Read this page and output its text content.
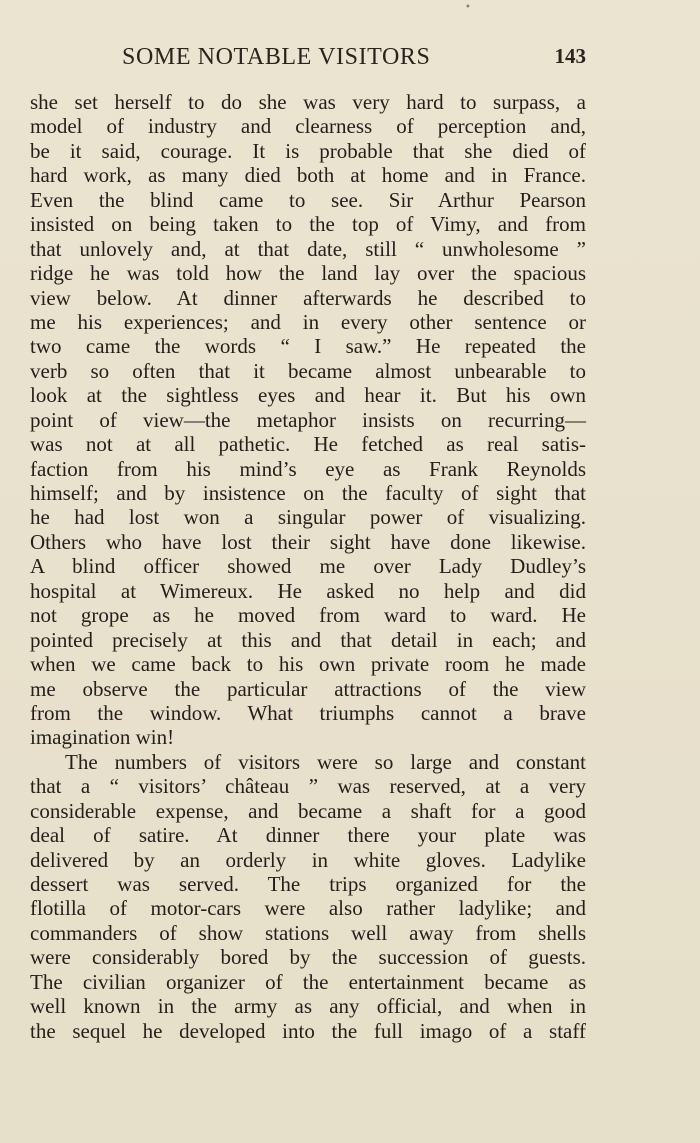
•
SOME NOTABLE VISITORS	143
she set herself to do she was very hard to surpass, a
model of industry and clearness of perception and,
be it said, courage. It is probable that she died of
hard work, as many died both at home and in France.
Even the blind came to see. Sir Arthur Pearson
insisted on being taken to the top of Vimy, and from
that unlovely and, at that date, still “ unwholesome ”
ridge he was told how the land lay over the spacious
view below. At dinner afterwards he described to
me his experiences; and in every other sentence or
two came the words “ I saw.” He repeated the
verb so often that it became almost unbearable to
look at the sightless eyes and hear it. But his own
point of view—the metaphor insists on recurring—
was not at all pathetic. He fetched as real satis-
faction from his mind’s eye as Frank Reynolds
himself; and by insistence on the faculty of sight that
he had lost won a singular power of visualizing.
Others who have lost their sight have done likewise.
A blind officer showed me over Lady Dudley’s
hospital at Wimereux. He asked no help and did
not grope as he moved from ward to ward. He
pointed precisely at this and that detail in each; and
when we came back to his own private room he made
me observe the particular attractions of the view
from the window. What triumphs cannot a brave
imagination win!
The numbers of visitors were so large and constant
that a “ visitors’ château ” was reserved, at a very
considerable expense, and became a shaft for a good
deal of satire. At dinner there your plate was
delivered by an orderly in white gloves. Ladylike
dessert was served. The trips organized for the
flotilla of motor-cars were also rather ladylike; and
commanders of show stations well away from shells
were considerably bored by the succession of guests.
The civilian organizer of the entertainment became as
well known in the army as any official, and when in
the sequel he developed into the full imago of a staff
